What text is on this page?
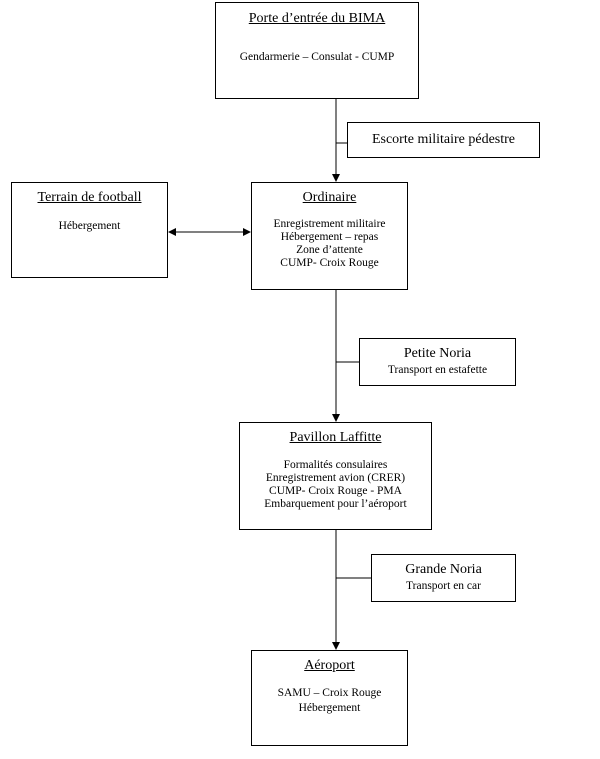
Porte d’entrée du BIMA
Gendarmerie – Consulat - CUMP
Escorte militaire pédestre
Terrain de football
Hébergement
Ordinaire
Enregistrement militaire
Hébergement – repas
Zone d’attente
CUMP- Croix Rouge
Petite Noria
Transport en estafette
Pavillon Laffitte
Formalités consulaires
Enregistrement avion (CRER)
CUMP- Croix Rouge - PMA
Embarquement pour l’aéroport
Grande Noria
Transport en car
Aéroport
SAMU – Croix Rouge
Hébergement
